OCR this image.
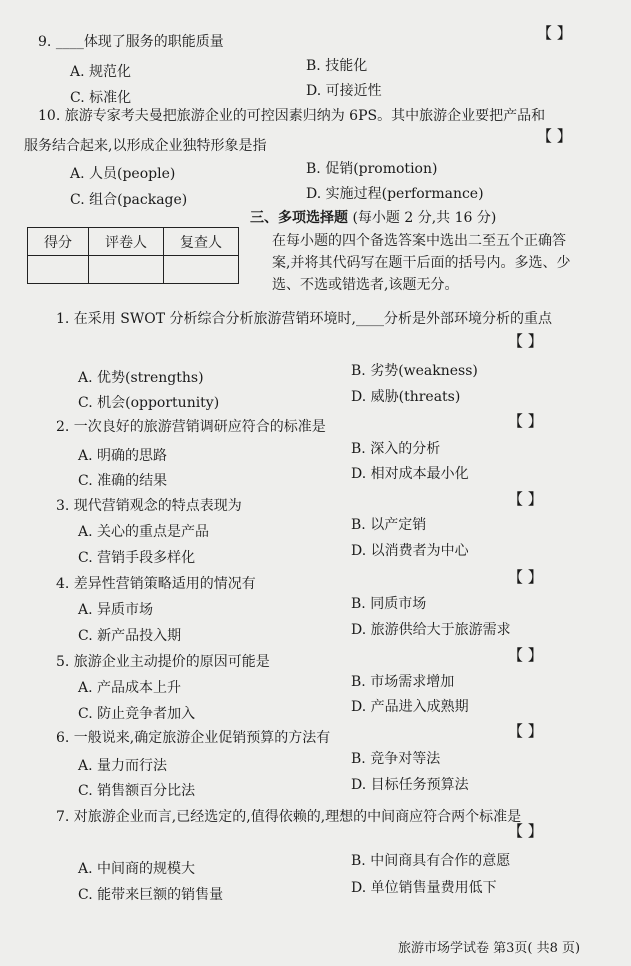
9. ____体现了服务的职能质量	【 】
A. 规范化	B. 技能化
C. 标准化	D. 可接近性
10. 旅游专家考夫曼把旅游企业的可控因素归纳为 6PS。其中旅游企业要把产品和
【 】
服务结合起来,以形成企业独特形象是指
A. 人员(people)	B. 促销(promotion)
C. 组合(package)	D. 实施过程(performance)
得分	评卷人	复查人

三、多项选择题 (每小题 2 分,共 16 分)
在每小题的四个备选答案中选出二至五个正确答
案,并将其代码写在题干后面的括号内。多选、少
选、不选或错选者,该题无分。
1. 在采用 SWOT 分析综合分析旅游营销环境时,____分析是外部环境分析的重点
【 】
A. 优势(strengths)	B. 劣势(weakness)
C. 机会(opportunity)	D. 威胁(threats)
2. 一次良好的旅游营销调研应符合的标准是	【 】
A. 明确的思路	B. 深入的分析
C. 准确的结果	D. 相对成本最小化
3. 现代营销观念的特点表现为	【 】
A. 关心的重点是产品	B. 以产定销
C. 营销手段多样化	D. 以消费者为中心
4. 差异性营销策略适用的情况有	【 】
A. 异质市场	B. 同质市场
C. 新产品投入期	D. 旅游供给大于旅游需求
5. 旅游企业主动提价的原因可能是	【 】
A. 产品成本上升	B. 市场需求增加
C. 防止竞争者加入	D. 产品进入成熟期
6. 一般说来,确定旅游企业促销预算的方法有	【 】
A. 量力而行法	B. 竞争对等法
C. 销售额百分比法	D. 目标任务预算法
7. 对旅游企业而言,已经选定的,值得依赖的,理想的中间商应符合两个标准是
【 】
A. 中间商的规模大	B. 中间商具有合作的意愿
C. 能带来巨额的销售量	D. 单位销售量费用低下
旅游市场学试卷 第3页( 共8 页)
